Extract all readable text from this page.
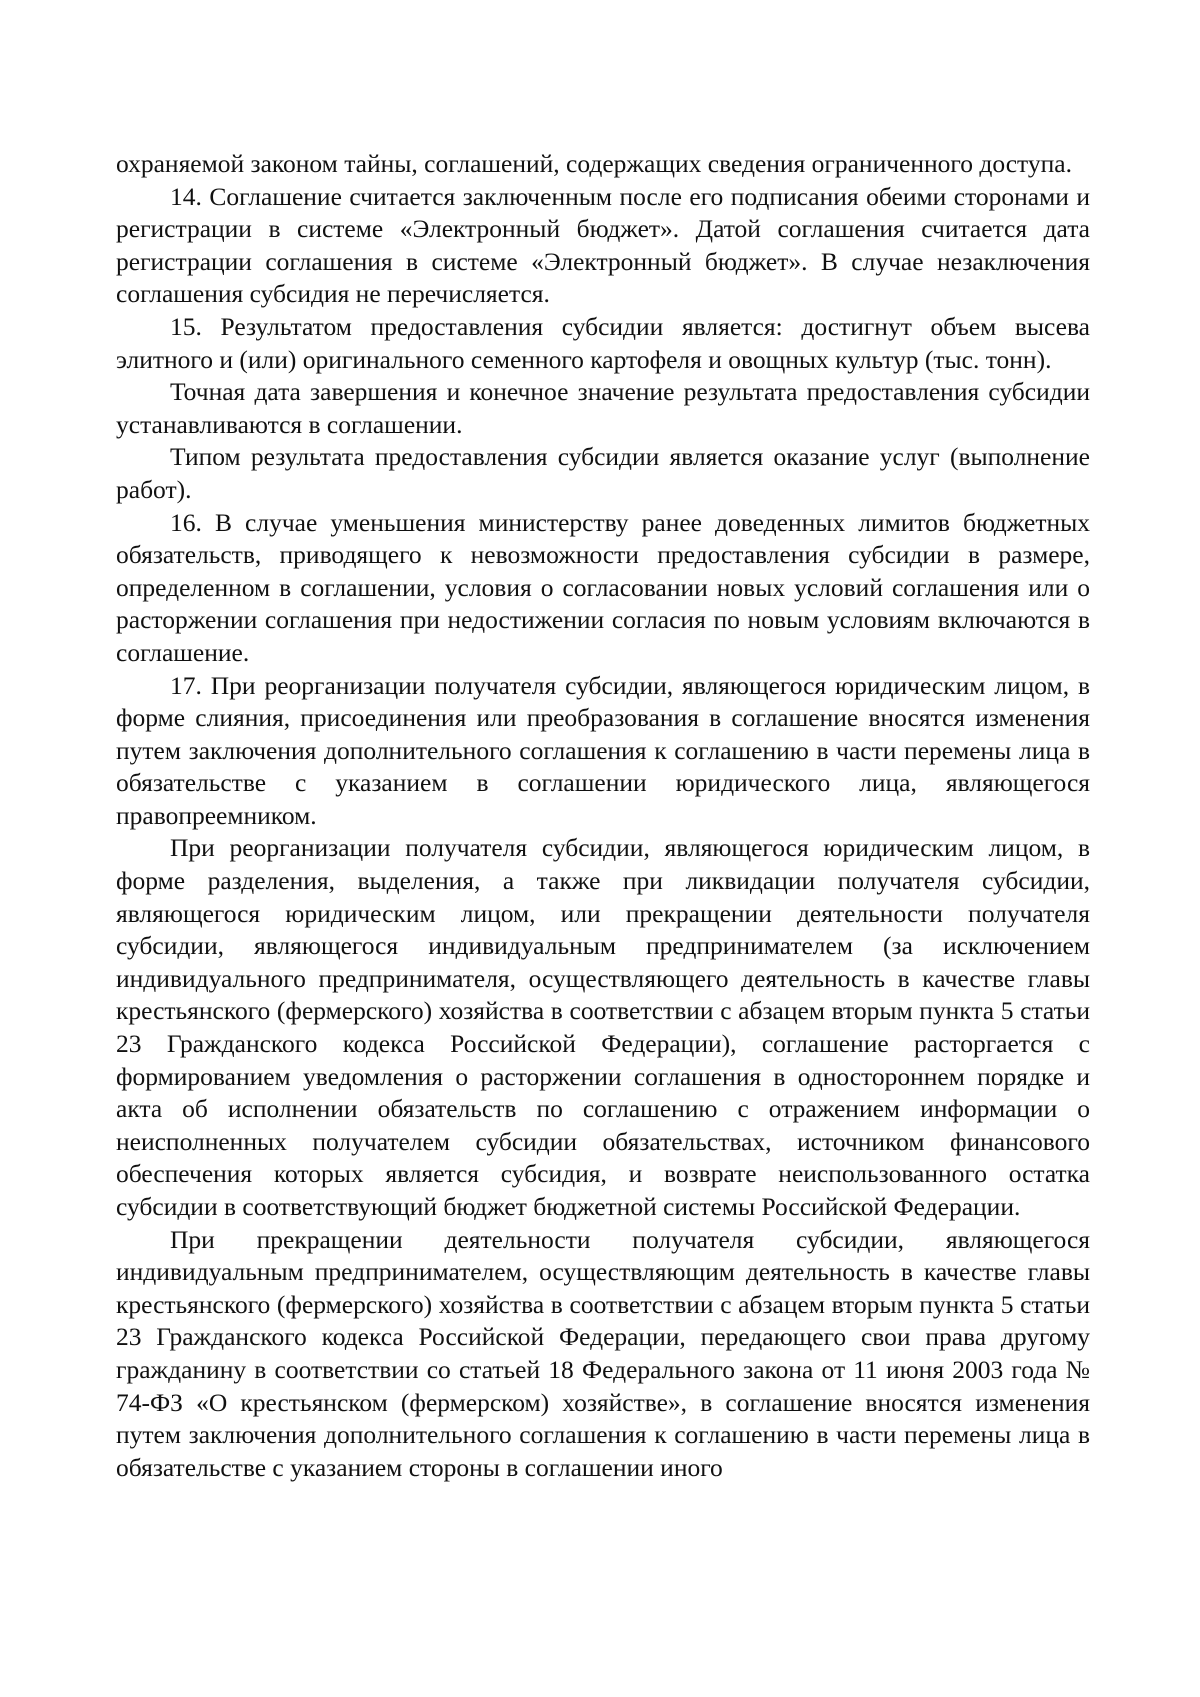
охраняемой законом тайны, соглашений, содержащих сведения ограниченного доступа.

14. Соглашение считается заключенным после его подписания обеими сторонами и регистрации в системе «Электронный бюджет». Датой соглашения считается дата регистрации соглашения в системе «Электронный бюджет». В случае незаключения соглашения субсидия не перечисляется.

15. Результатом предоставления субсидии является: достигнут объем высева элитного и (или) оригинального семенного картофеля и овощных культур (тыс. тонн).

Точная дата завершения и конечное значение результата предоставления субсидии устанавливаются в соглашении.

Типом результата предоставления субсидии является оказание услуг (выполнение работ).

16. В случае уменьшения министерству ранее доведенных лимитов бюджетных обязательств, приводящего к невозможности предоставления субсидии в размере, определенном в соглашении, условия о согласовании новых условий соглашения или о расторжении соглашения при недостижении согласия по новым условиям включаются в соглашение.

17. При реорганизации получателя субсидии, являющегося юридическим лицом, в форме слияния, присоединения или преобразования в соглашение вносятся изменения путем заключения дополнительного соглашения к соглашению в части перемены лица в обязательстве с указанием в соглашении юридического лица, являющегося правопреемником.

При реорганизации получателя субсидии, являющегося юридическим лицом, в форме разделения, выделения, а также при ликвидации получателя субсидии, являющегося юридическим лицом, или прекращении деятельности получателя субсидии, являющегося индивидуальным предпринимателем (за исключением индивидуального предпринимателя, осуществляющего деятельность в качестве главы крестьянского (фермерского) хозяйства в соответствии с абзацем вторым пункта 5 статьи 23 Гражданского кодекса Российской Федерации), соглашение расторгается с формированием уведомления о расторжении соглашения в одностороннем порядке и акта об исполнении обязательств по соглашению с отражением информации о неисполненных получателем субсидии обязательствах, источником финансового обеспечения которых является субсидия, и возврате неиспользованного остатка субсидии в соответствующий бюджет бюджетной системы Российской Федерации.

При прекращении деятельности получателя субсидии, являющегося индивидуальным предпринимателем, осуществляющим деятельность в качестве главы крестьянского (фермерского) хозяйства в соответствии с абзацем вторым пункта 5 статьи 23 Гражданского кодекса Российской Федерации, передающего свои права другому гражданину в соответствии со статьей 18 Федерального закона от 11 июня 2003 года № 74-ФЗ «О крестьянском (фермерском) хозяйстве», в соглашение вносятся изменения путем заключения дополнительного соглашения к соглашению в части перемены лица в обязательстве с указанием стороны в соглашении иного
